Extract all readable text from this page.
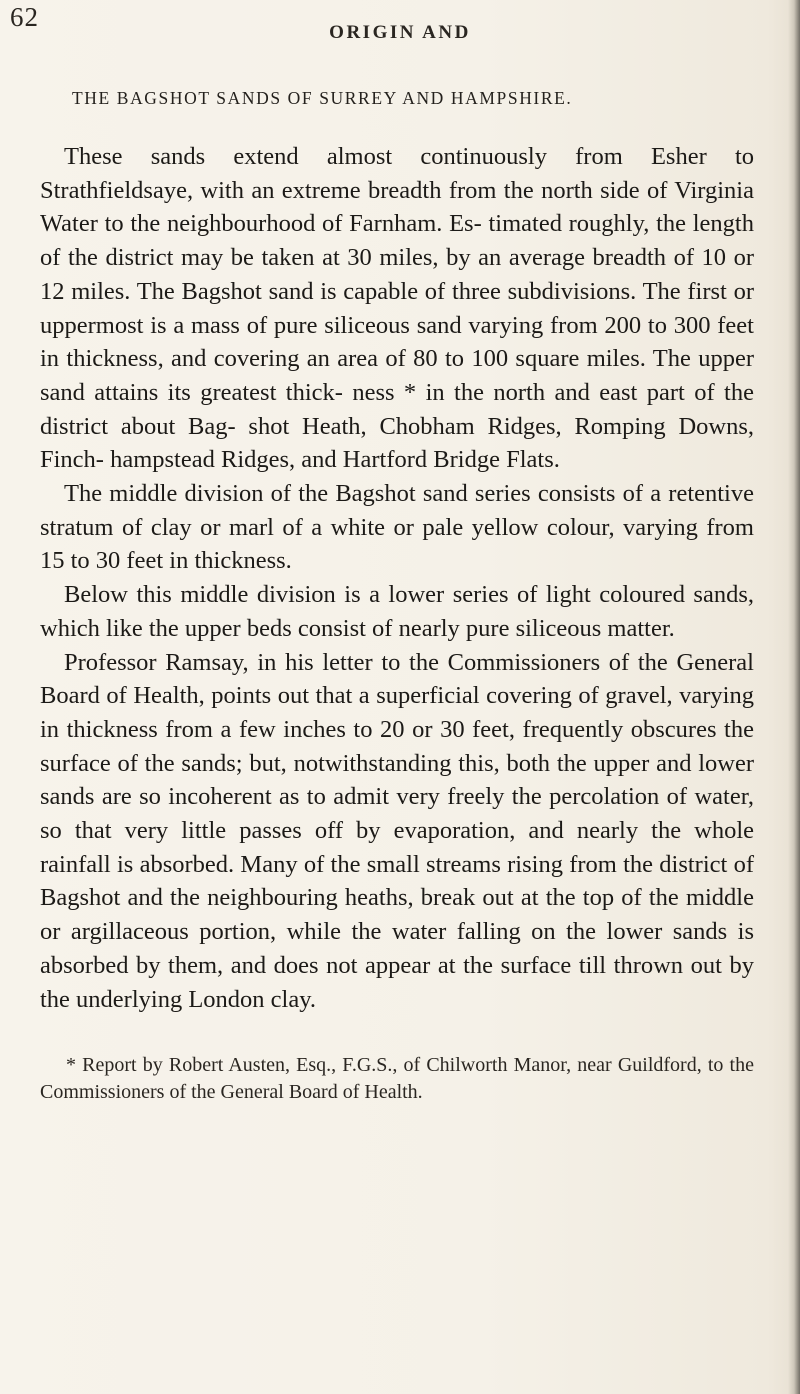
62
ORIGIN AND
THE BAGSHOT SANDS OF SURREY AND HAMPSHIRE.

These sands extend almost continuously from Esher to Strathfieldsaye, with an extreme breadth from the north side of Virginia Water to the neighbourhood of Farnham. Es- timated roughly, the length of the district may be taken at 30 miles, by an average breadth of 10 or 12 miles. The Bagshot sand is capable of three subdivisions. The first or uppermost is a mass of pure siliceous sand varying from 200 to 300 feet in thickness, and covering an area of 80 to 100 square miles. The upper sand attains its greatest thick- ness * in the north and east part of the district about Bag- shot Heath, Chobham Ridges, Romping Downs, Finch- hampstead Ridges, and Hartford Bridge Flats.

The middle division of the Bagshot sand series consists of a retentive stratum of clay or marl of a white or pale yellow colour, varying from 15 to 30 feet in thickness.

Below this middle division is a lower series of light coloured sands, which like the upper beds consist of nearly pure siliceous matter.

Professor Ramsay, in his letter to the Commissioners of the General Board of Health, points out that a superficial covering of gravel, varying in thickness from a few inches to 20 or 30 feet, frequently obscures the surface of the sands; but, notwithstanding this, both the upper and lower sands are so incoherent as to admit very freely the percolation of water, so that very little passes off by evaporation, and nearly the whole rainfall is absorbed. Many of the small streams rising from the district of Bagshot and the neighbouring heaths, break out at the top of the middle or argillaceous portion, while the water falling on the lower sands is absorbed by them, and does not appear at the surface till thrown out by the underlying London clay.

* Report by Robert Austen, Esq., F.G.S., of Chilworth Manor, near Guildford, to the Commissioners of the General Board of Health.
